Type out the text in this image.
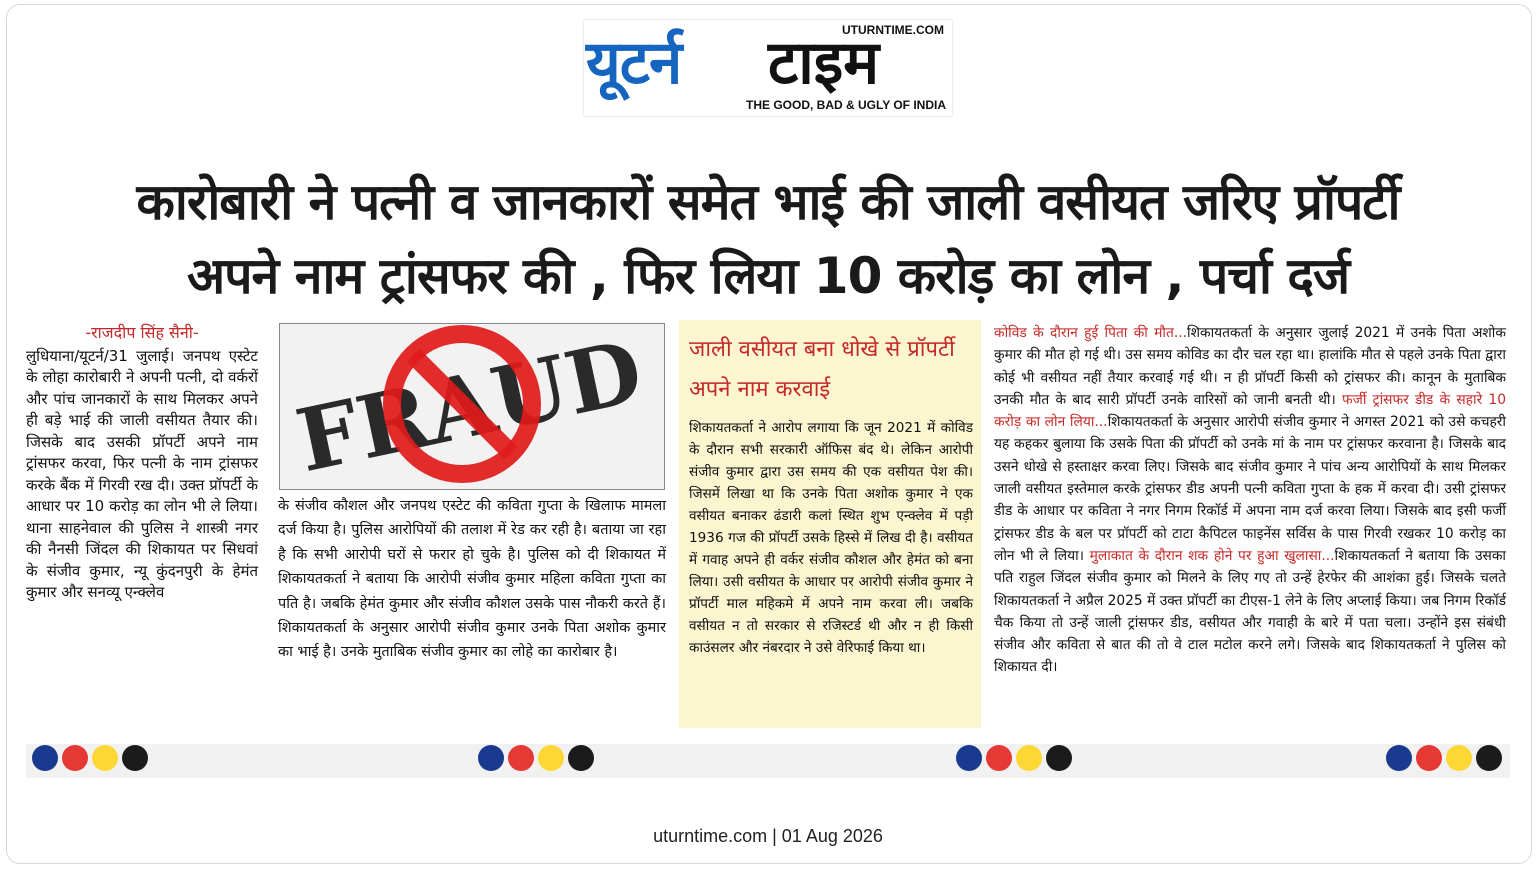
UTURNTIME.COM
यूटर्न टाइम
THE GOOD, BAD & UGLY OF INDIA
कारोबारी ने पत्नी व जानकारों समेत भाई की जाली वसीयत जरिए प्रॉपर्टी
अपने नाम ट्रांसफर की , फिर लिया 10 करोड़ का लोन , पर्चा दर्ज
-राजदीप सिंह सैनी-
लुधियाना/यूटर्न/31 जुलाई। जनपथ एस्टेट के लोहा कारोबारी ने अपनी पत्नी, दो वर्करों और पांच जानकारों के साथ मिलकर अपने ही बड़े भाई की जाली वसीयत तैयार की। जिसके बाद उसकी प्रॉपर्टी अपने नाम ट्रांसफर करवा, फिर पत्नी के नाम ट्रांसफर करके बैंक में गिरवी रख दी। उक्त प्रॉपर्टी के आधार पर 10 करोड़ का लोन भी ले लिया। थाना साहनेवाल की पुलिस ने शास्त्री नगर की नैनसी जिंदल की शिकायत पर सिधवां के संजीव कुमार, न्यू कुंदनपुरी के हेमंत कुमार और सनव्यू एन्क्लेव
के संजीव कौशल और जनपथ एस्टेट की कविता गुप्ता के खिलाफ मामला दर्ज किया है। पुलिस आरोपियों की तलाश में रेड कर रही है। बताया जा रहा है कि सभी आरोपी घरों से फरार हो चुके है। पुलिस को दी शिकायत में शिकायतकर्ता ने बताया कि आरोपी संजीव कुमार महिला कविता गुप्ता का पति है। जबकि हेमंत कुमार और संजीव कौशल उसके पास नौकरी करते हैं। शिकायतकर्ता के अनुसार आरोपी संजीव कुमार उनके पिता अशोक कुमार का भाई है। उनके मुताबिक संजीव कुमार का लोहे का कारोबार है।
जाली वसीयत बना धोखे से प्रॉपर्टी अपने नाम करवाई
शिकायतकर्ता ने आरोप लगाया कि जून 2021 में कोविड के दौरान सभी सरकारी ऑफिस बंद थे। लेकिन आरोपी संजीव कुमार द्वारा उस समय की एक वसीयत पेश की। जिसमें लिखा था कि उनके पिता अशोक कुमार ने एक वसीयत बनाकर ढंडारी कलां स्थित शुभ एन्क्लेव में पड़ी 1936 गज की प्रॉपर्टी उसके हिस्से में लिख दी है। वसीयत में गवाह अपने ही वर्कर संजीव कौशल और हेमंत को बना लिया। उसी वसीयत के आधार पर आरोपी संजीव कुमार ने प्रॉपर्टी माल महिकमे में अपने नाम करवा ली। जबकि वसीयत न तो सरकार से रजिस्टर्ड थी और न ही किसी काउंसलर और नंबरदार ने उसे वेरिफाई किया था।
कोविड के दौरान हुई पिता की मौत...शिकायतकर्ता के अनुसार जुलाई 2021 में उनके पिता अशोक कुमार की मौत हो गई थी। उस समय कोविड का दौर चल रहा था। हालांकि मौत से पहले उनके पिता द्वारा कोई भी वसीयत नहीं तैयार करवाई गई थी। न ही प्रॉपर्टी किसी को ट्रांसफर की। कानून के मुताबिक उनकी मौत के बाद सारी प्रॉपर्टी उनके वारिसों को जानी बनती थी। फर्जी ट्रांसफर डीड के सहारे 10 करोड़ का लोन लिया...शिकायतकर्ता के अनुसार आरोपी संजीव कुमार ने अगस्त 2021 को उसे कचहरी यह कहकर बुलाया कि उसके पिता की प्रॉपर्टी को उनके मां के नाम पर ट्रांसफर करवाना है। जिसके बाद उसने धोखे से हस्ताक्षर करवा लिए। जिसके बाद संजीव कुमार ने पांच अन्य आरोपियों के साथ मिलकर जाली वसीयत इस्तेमाल करके ट्रांसफर डीड अपनी पत्नी कविता गुप्ता के हक में करवा दी। उसी ट्रांसफर डीड के आधार पर कविता ने नगर निगम रिकॉर्ड में अपना नाम दर्ज करवा लिया। जिसके बाद इसी फर्जी ट्रांसफर डीड के बल पर प्रॉपर्टी को टाटा कैपिटल फाइनेंस सर्विस के पास गिरवी रखकर 10 करोड़ का लोन भी ले लिया। मुलाकात के दौरान शक होने पर हुआ खुलासा...शिकायतकर्ता ने बताया कि उसका पति राहुल जिंदल संजीव कुमार को मिलने के लिए गए तो उन्हें हेरफेर की आशंका हुई। जिसके चलते शिकायतकर्ता ने अप्रैल 2025 में उक्त प्रॉपर्टी का टीएस-1 लेने के लिए अप्लाई किया। जब निगम रिकॉर्ड चैक किया तो उन्हें जाली ट्रांसफर डीड, वसीयत और गवाही के बारे में पता चला। उन्होंने इस संबंधी संजीव और कविता से बात की तो वे टाल मटोल करने लगे। जिसके बाद शिकायतकर्ता ने पुलिस को शिकायत दी।
uturntime.com | 01 Aug 2026
